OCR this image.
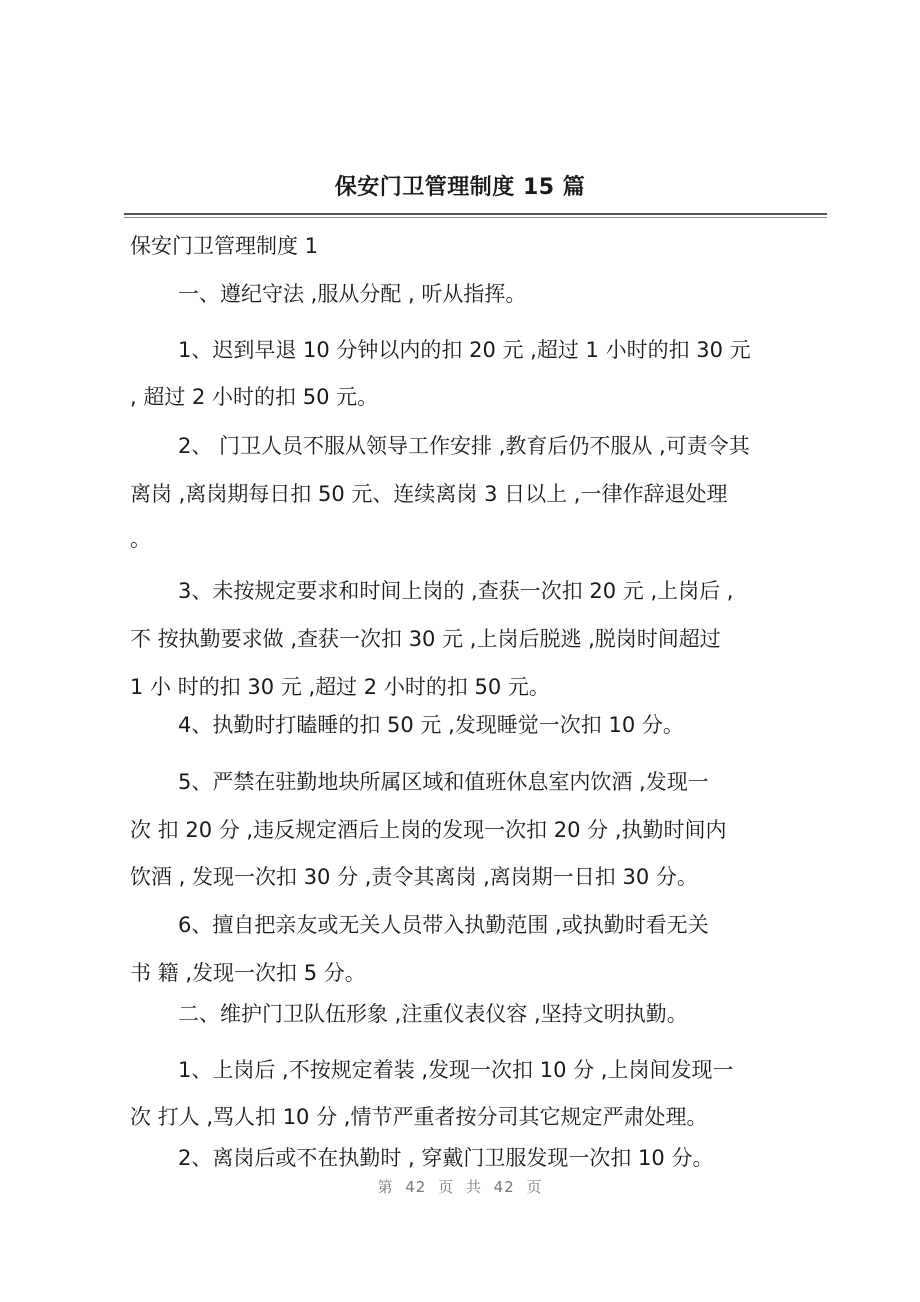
保安门卫管理制度 15 篇
保安门卫管理制度 1
一、遵纪守法 ,服从分配 , 听从指挥。
1、迟到早退 10 分钟以内的扣 20 元 ,超过 1 小时的扣 30 元
, 超过 2 小时的扣 50 元。
2、 门卫人员不服从领导工作安排 ,教育后仍不服从 ,可责令其
离岗 ,离岗期每日扣 50 元、连续离岗 3 日以上 ,一律作辞退处理
。
3、未按规定要求和时间上岗的 ,查获一次扣 20 元 ,上岗后 ,
不 按执勤要求做 ,查获一次扣 30 元 ,上岗后脱逃 ,脱岗时间超过
1 小 时的扣 30 元 ,超过 2 小时的扣 50 元。
4、执勤时打瞌睡的扣 50 元 ,发现睡觉一次扣 10 分。
5、严禁在驻勤地块所属区域和值班休息室内饮酒 ,发现一
次 扣 20 分 ,违反规定酒后上岗的发现一次扣 20 分 ,执勤时间内
饮酒 , 发现一次扣 30 分 ,责令其离岗 ,离岗期一日扣 30 分。
6、擅自把亲友或无关人员带入执勤范围 ,或执勤时看无关
书 籍 ,发现一次扣 5 分。
二、维护门卫队伍形象 ,注重仪表仪容 ,坚持文明执勤。
1、上岗后 ,不按规定着装 ,发现一次扣 10 分 ,上岗间发现一
次 打人 ,骂人扣 10 分 ,情节严重者按分司其它规定严肃处理。
2、离岗后或不在执勤时 , 穿戴门卫服发现一次扣 10 分。
第 42 页 共 42 页
